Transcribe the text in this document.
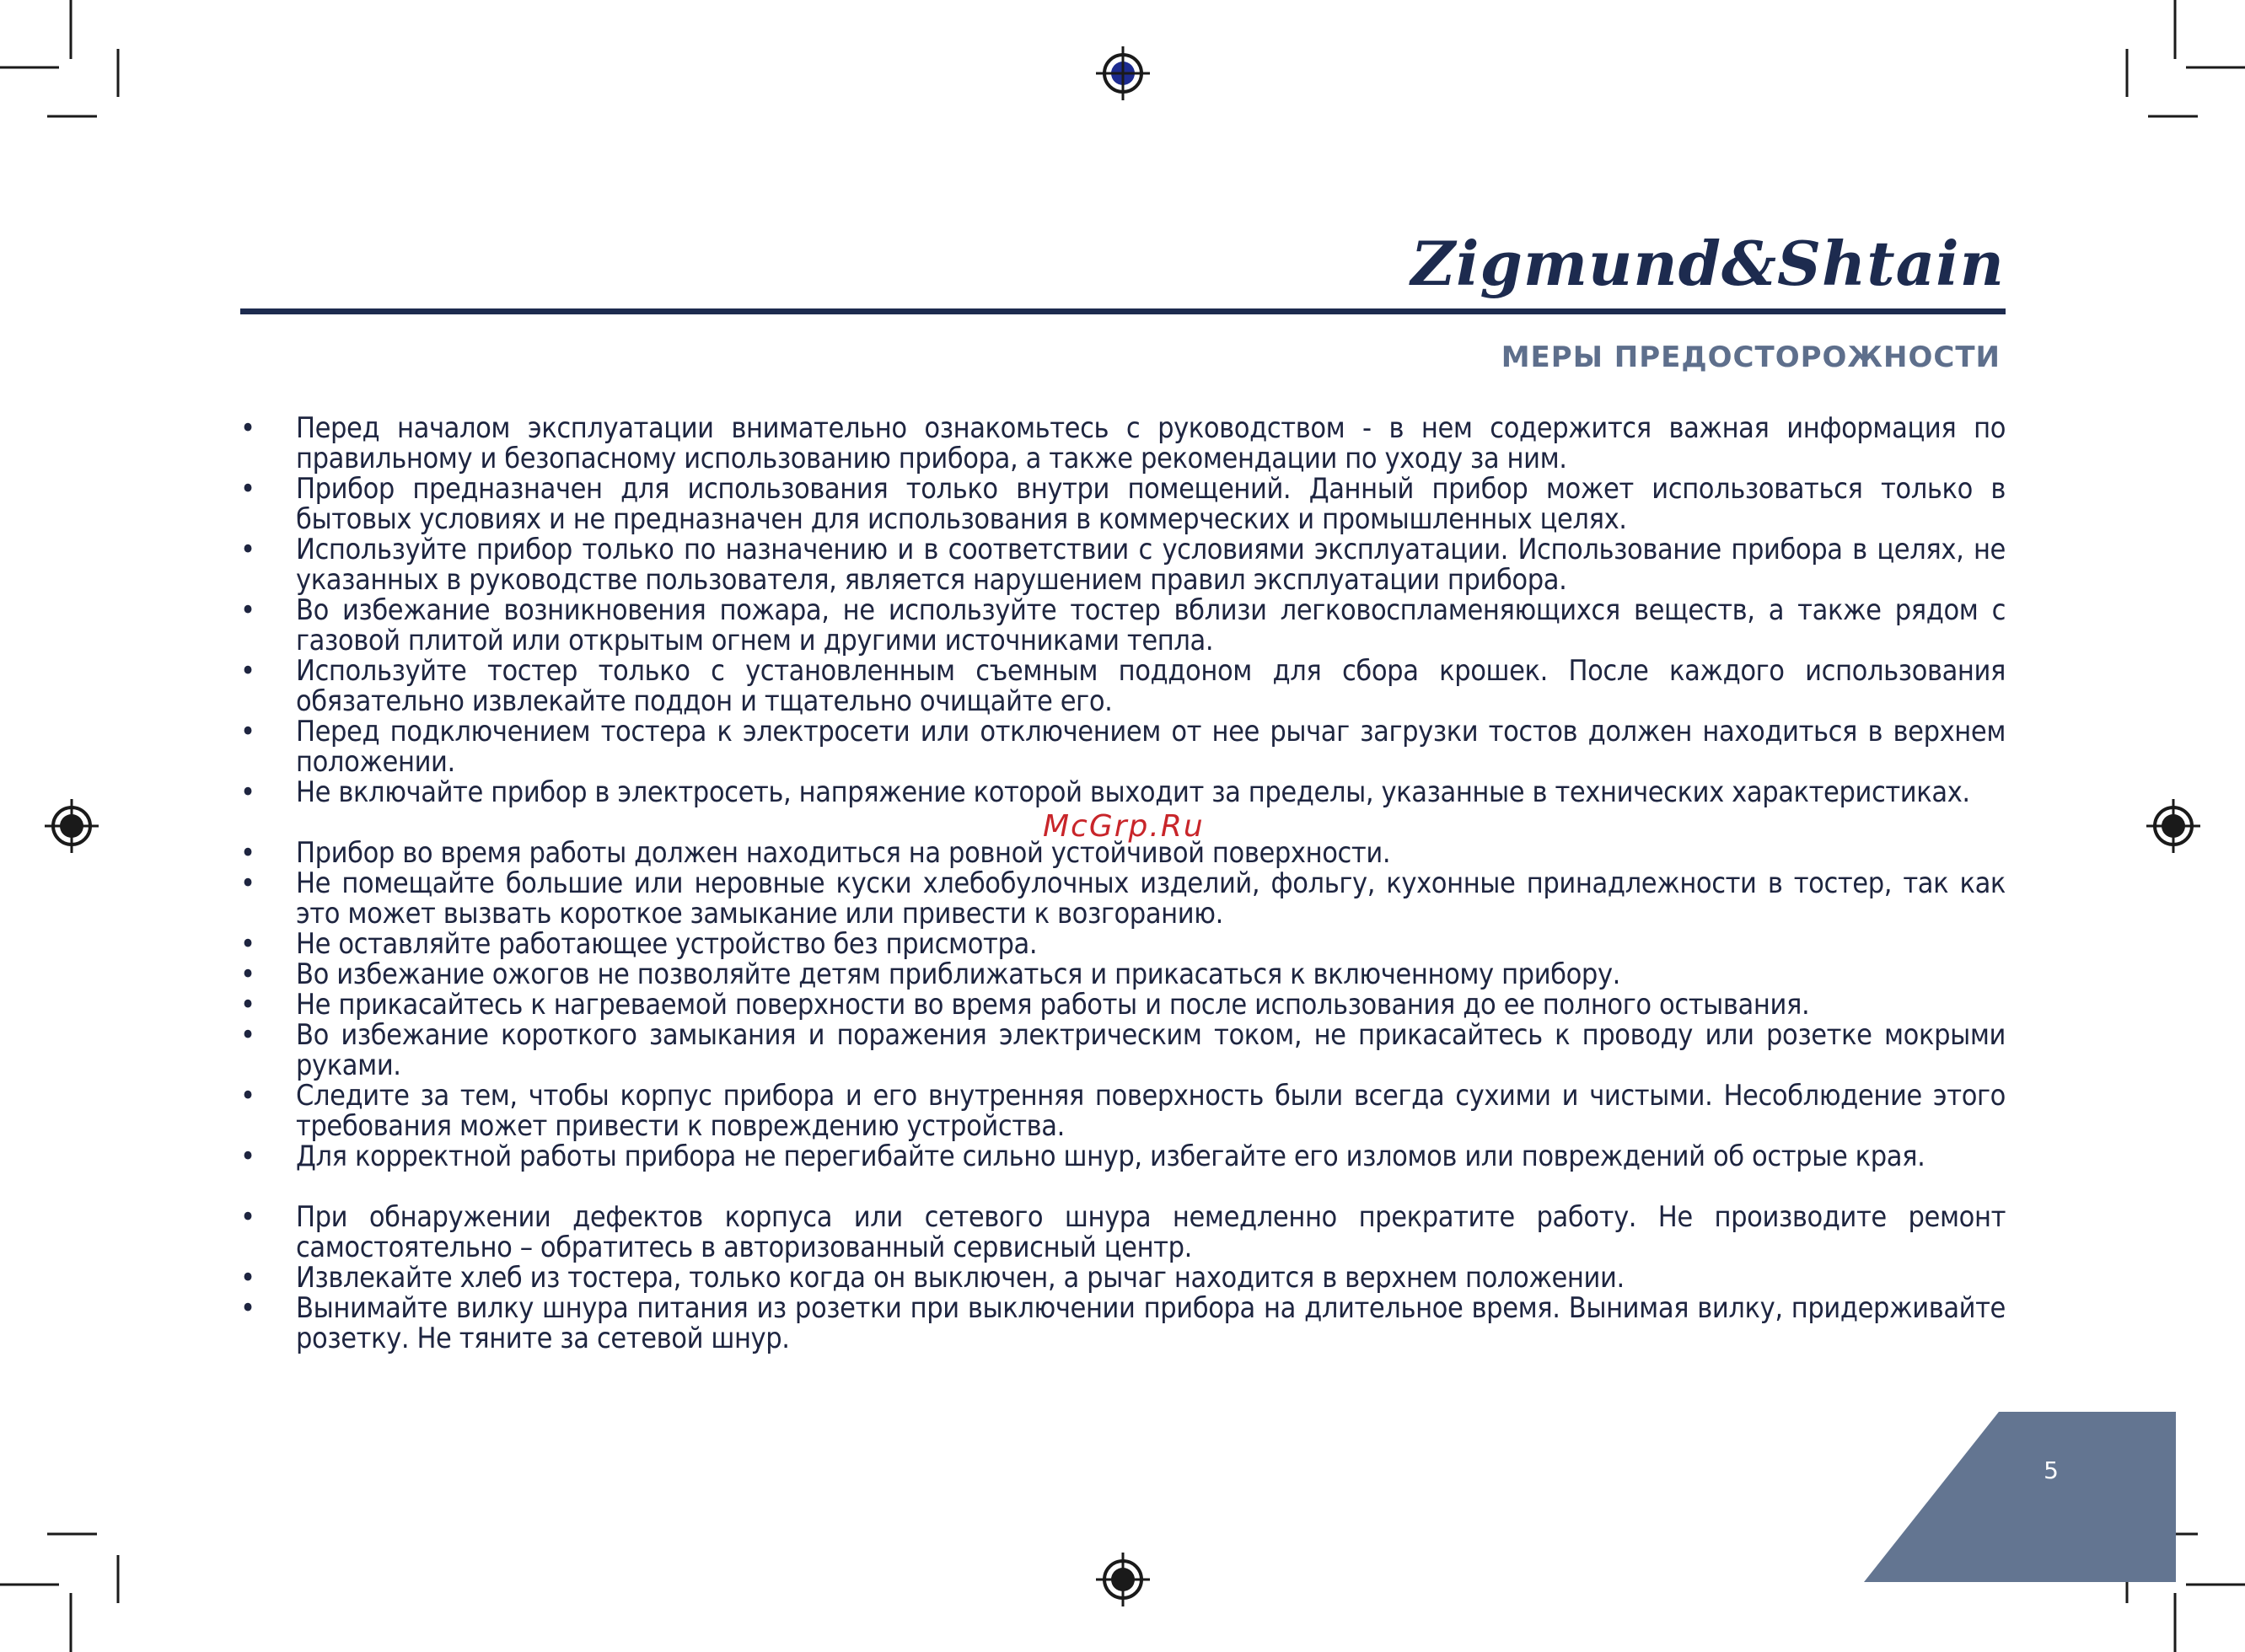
Zigmund&Shtain
МЕРЫ ПРЕДОСТОРОЖНОСТИ
• Перед началом эксплуатации внимательно ознакомьтесь с руководством - в нем содержится важная информация по правильному и безопасному использованию прибора, а также рекомендации по уходу за ним.
• Прибор предназначен для использования только внутри помещений. Данный прибор может использоваться только в бытовых условиях и не предназначен для использования в коммерческих и промышленных целях.
• Используйте прибор только по назначению и в соответствии с условиями эксплуатации. Использование прибора в целях, не указанных в руководстве пользователя, является нарушением правил эксплуатации прибора.
• Во избежание возникновения пожара, не используйте тостер вблизи легковоспламеняющихся веществ, а также рядом с газовой плитой или открытым огнем и другими источниками тепла.
• Используйте тостер только с установленным съемным поддоном для сбора крошек. После каждого использования обязательно извлекайте поддон и тщательно очищайте его.
• Перед подключением тостера к электросети или отключением от нее рычаг загрузки тостов должен находиться в верхнем положении.
• Не включайте прибор в электросеть, напряжение которой выходит за пределы, указанные в технических характеристиках.
• Прибор во время работы должен находиться на ровной устойчивой поверхности.
• Не помещайте большие или неровные куски хлебобулочных изделий, фольгу, кухонные принадлежности в тостер, так как это может вызвать короткое замыкание или привести к возгоранию.
• Не оставляйте работающее устройство без присмотра.
• Во избежание ожогов не позволяйте детям приближаться и прикасаться к включенному прибору.
• Не прикасайтесь к нагреваемой поверхности во время работы и после использования до ее полного остывания.
• Во избежание короткого замыкания и поражения электрическим током, не прикасайтесь к проводу или розетке мокрыми руками.
• Следите за тем, чтобы корпус прибора и его внутренняя поверхность были всегда сухими и чистыми. Несоблюдение этого требования может привести к повреждению устройства.
• Для корректной работы прибора не перегибайте сильно шнур, избегайте его изломов или повреждений об острые края.
• При обнаружении дефектов корпуса или сетевого шнура немедленно прекратите работу. Не производите ремонт самостоятельно – обратитесь в авторизованный сервисный центр.
• Извлекайте хлеб из тостера, только когда он выключен, а рычаг находится в верхнем положении.
• Вынимайте вилку шнура питания из розетки при выключении прибора на длительное время. Вынимая вилку, придерживайте розетку. Не тяните за сетевой шнур.
McGrp.Ru
5
